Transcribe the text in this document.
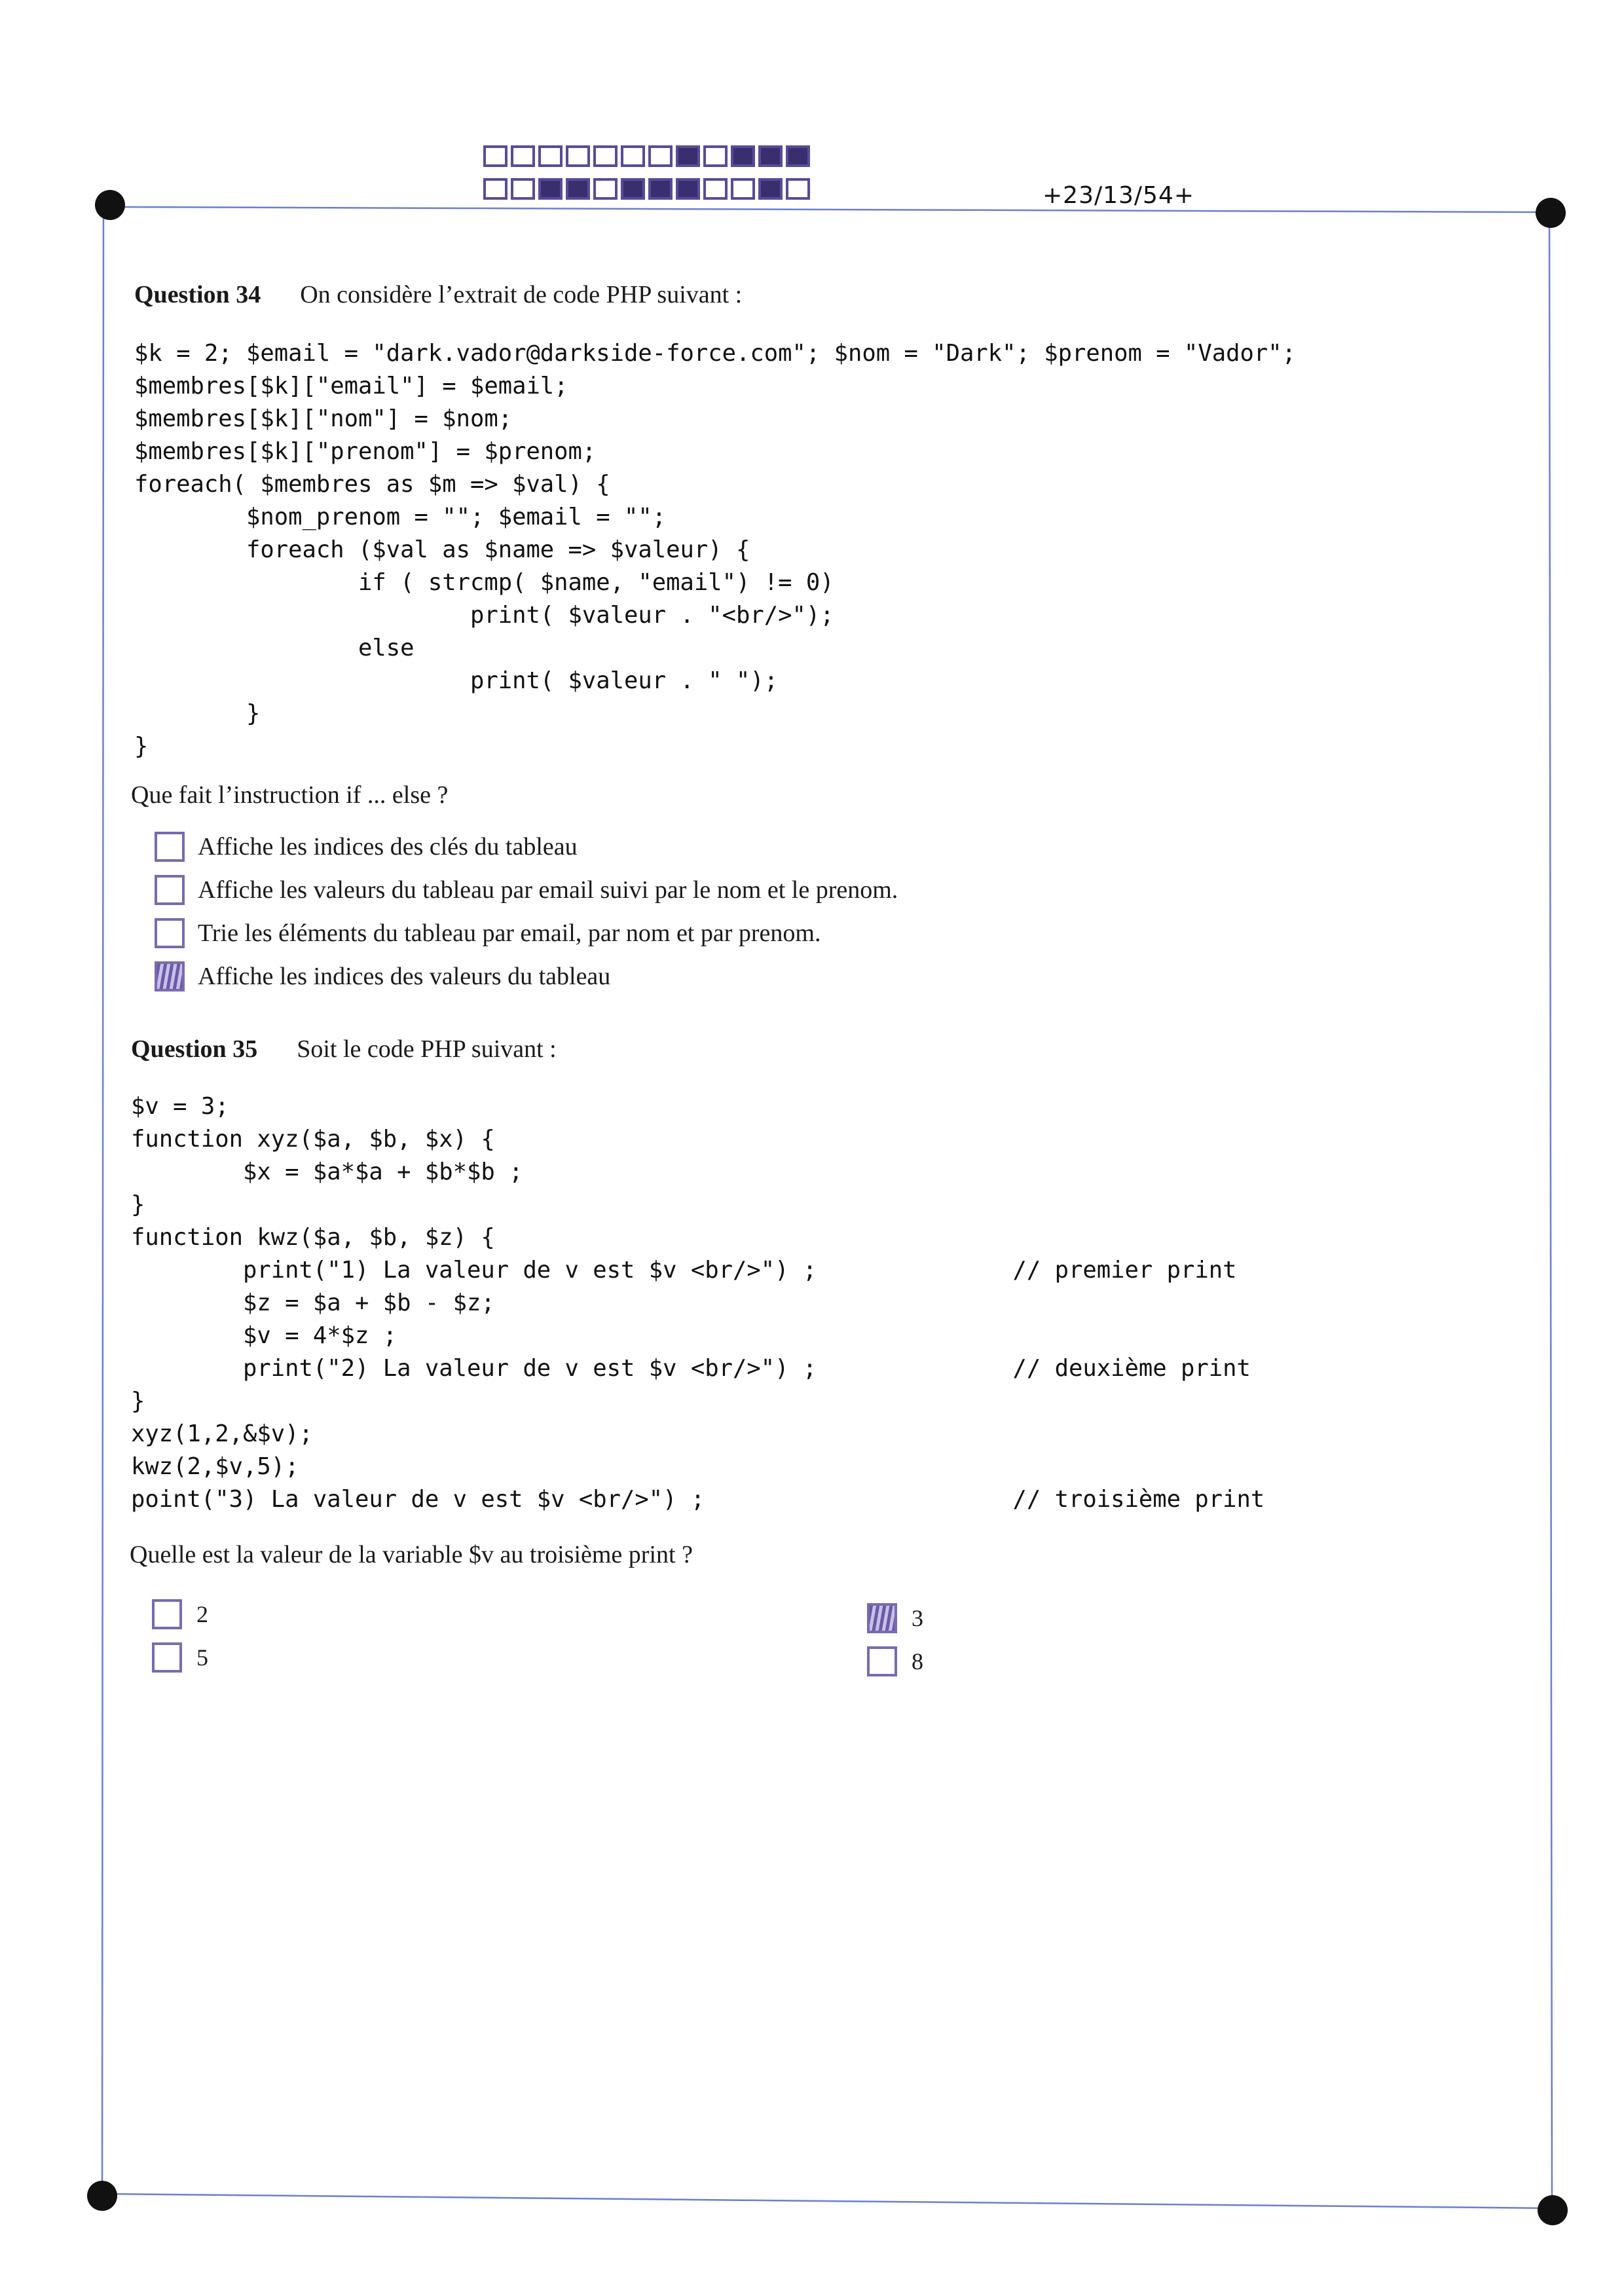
+23/13/54+
Question 34 On considère l’extrait de code PHP suivant :
$k = 2; $email = "dark.vador@darkside-force.com"; $nom = "Dark"; $prenom = "Vador";
$membres[$k]["email"] = $email;
$membres[$k]["nom"] = $nom;
$membres[$k]["prenom"] = $prenom;
foreach( $membres as $m => $val) {
$nom_prenom = ""; $email = "";
foreach ($val as $name => $valeur) {
if ( strcmp( $name, "email") != 0)
print( $valeur . "<br/>");
else
print( $valeur . " ");
}
}
Que fait l’instruction if ... else ?
Affiche les indices des clés du tableau
Affiche les valeurs du tableau par email suivi par le nom et le prenom.
Trie les éléments du tableau par email, par nom et par prenom.
Affiche les indices des valeurs du tableau
Question 35 Soit le code PHP suivant :
$v = 3;
function xyz($a, $b, $x) {
$x = $a*$a + $b*$b ;
}
function kwz($a, $b, $z) {
print("1) La valeur de v est $v <br/>") ;              // premier print
$z = $a + $b - $z;
$v = 4*$z ;
print("2) La valeur de v est $v <br/>") ;              // deuxième print
}
xyz(1,2,&$v);
kwz(2,$v,5);
point("3) La valeur de v est $v <br/>") ;                      // troisième print
Quelle est la valeur de la variable $v au troisième print ?
2	3
5	8
